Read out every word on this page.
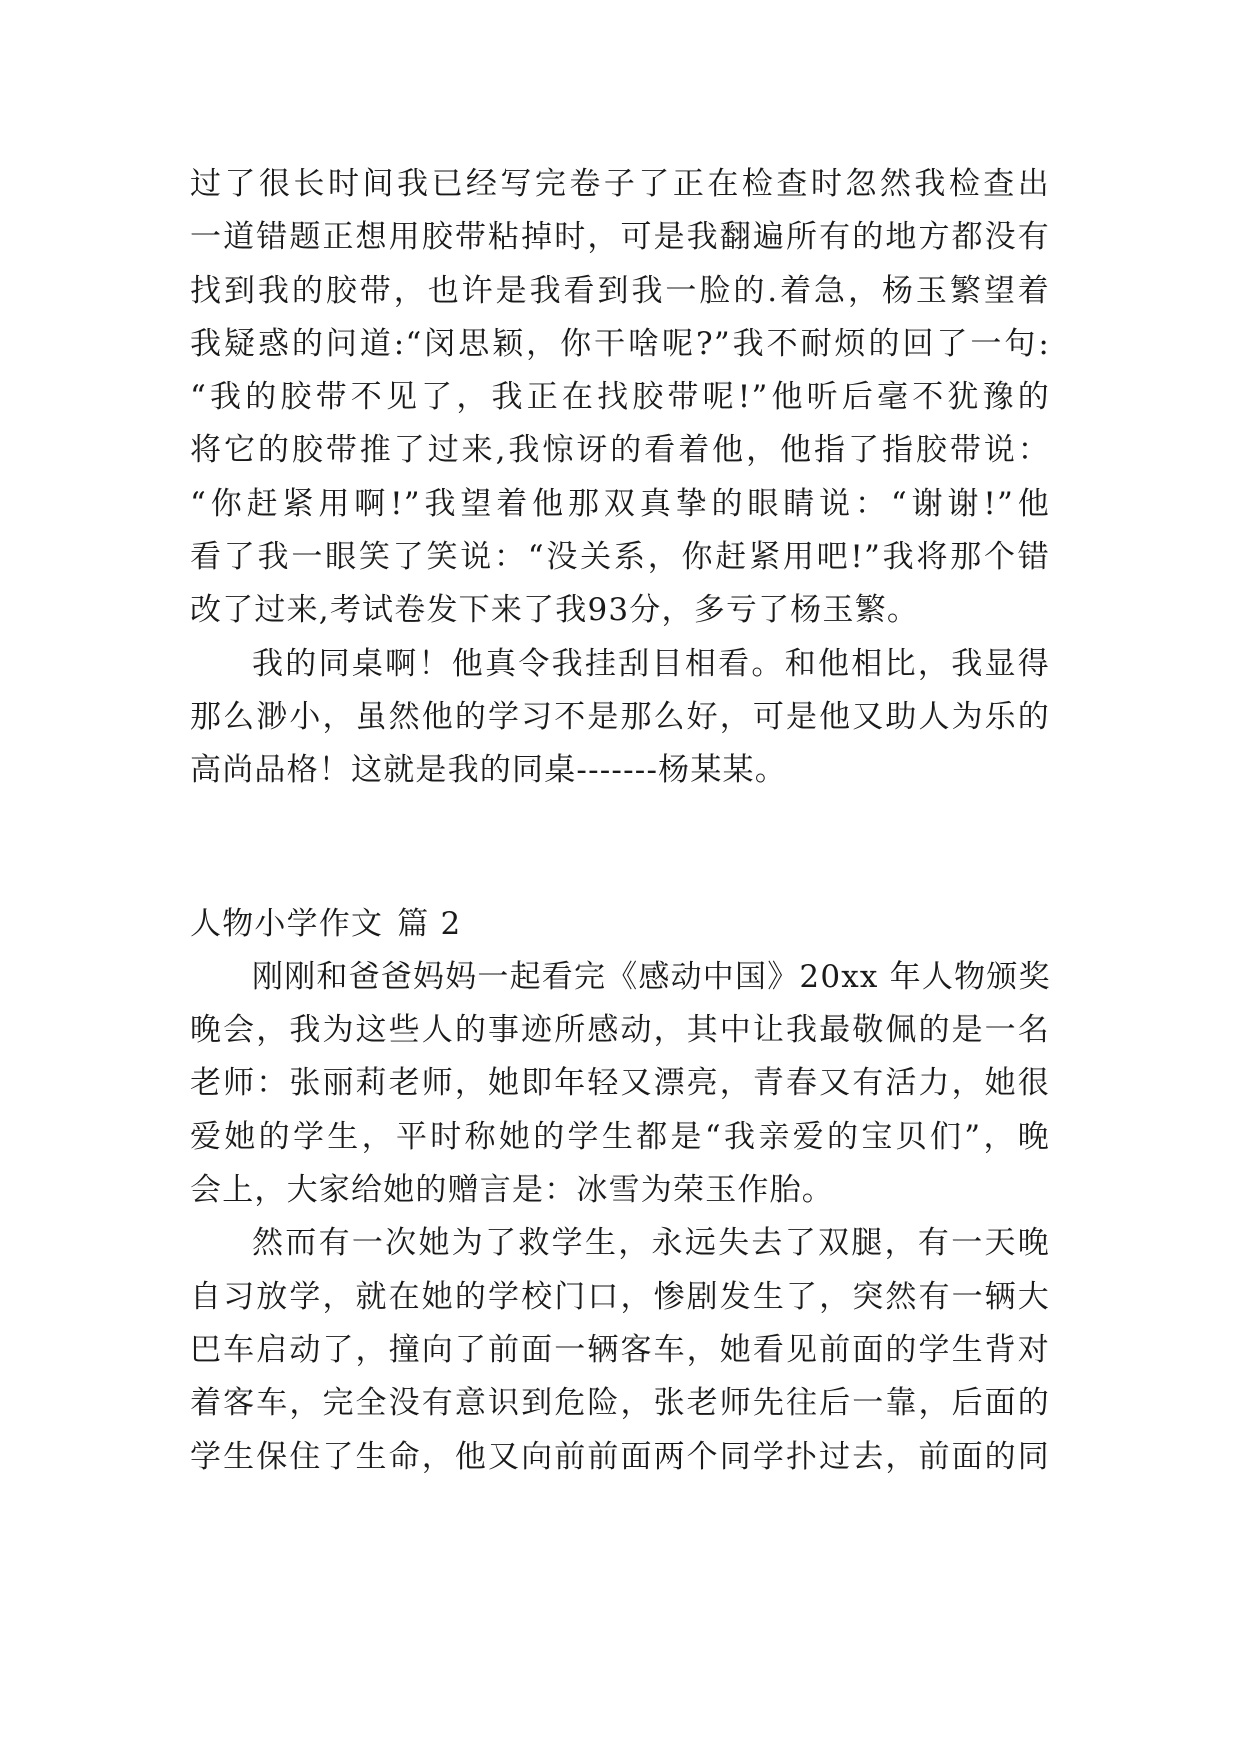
过了很长时间我已经写完卷子了正在检查时忽然我检查出
一道错题正想用胶带粘掉时，可是我翻遍所有的地方都没有
找到我的胶带，也许是我看到我一脸的.着急，杨玉繁望着
我疑惑的问道:“闵思颖，你干啥呢?”我不耐烦的回了一句:
“我的胶带不见了，我正在找胶带呢!”他听后毫不犹豫的
将它的胶带推了过来,我惊讶的看着他，他指了指胶带说：
“你赶紧用啊!”我望着他那双真挚的眼睛说：“谢谢!”他
看了我一眼笑了笑说：“没关系，你赶紧用吧!”我将那个错
改了过来,考试卷发下来了我93分，多亏了杨玉繁。
我的同桌啊！他真令我挂刮目相看。和他相比，我显得
那么渺小，虽然他的学习不是那么好，可是他又助人为乐的
高尚品格！这就是我的同桌-------杨某某。
人物小学作文 篇 2
刚刚和爸爸妈妈一起看完《感动中国》20xx 年人物颁奖
晚会，我为这些人的事迹所感动，其中让我最敬佩的是一名
老师：张丽莉老师，她即年轻又漂亮，青春又有活力，她很
爱她的学生，平时称她的学生都是“我亲爱的宝贝们”，晚
会上，大家给她的赠言是：冰雪为荣玉作胎。
然而有一次她为了救学生，永远失去了双腿，有一天晚
自习放学，就在她的学校门口，惨剧发生了，突然有一辆大
巴车启动了，撞向了前面一辆客车，她看见前面的学生背对
着客车，完全没有意识到危险，张老师先往后一靠，后面的
学生保住了生命，他又向前前面两个同学扑过去，前面的同
